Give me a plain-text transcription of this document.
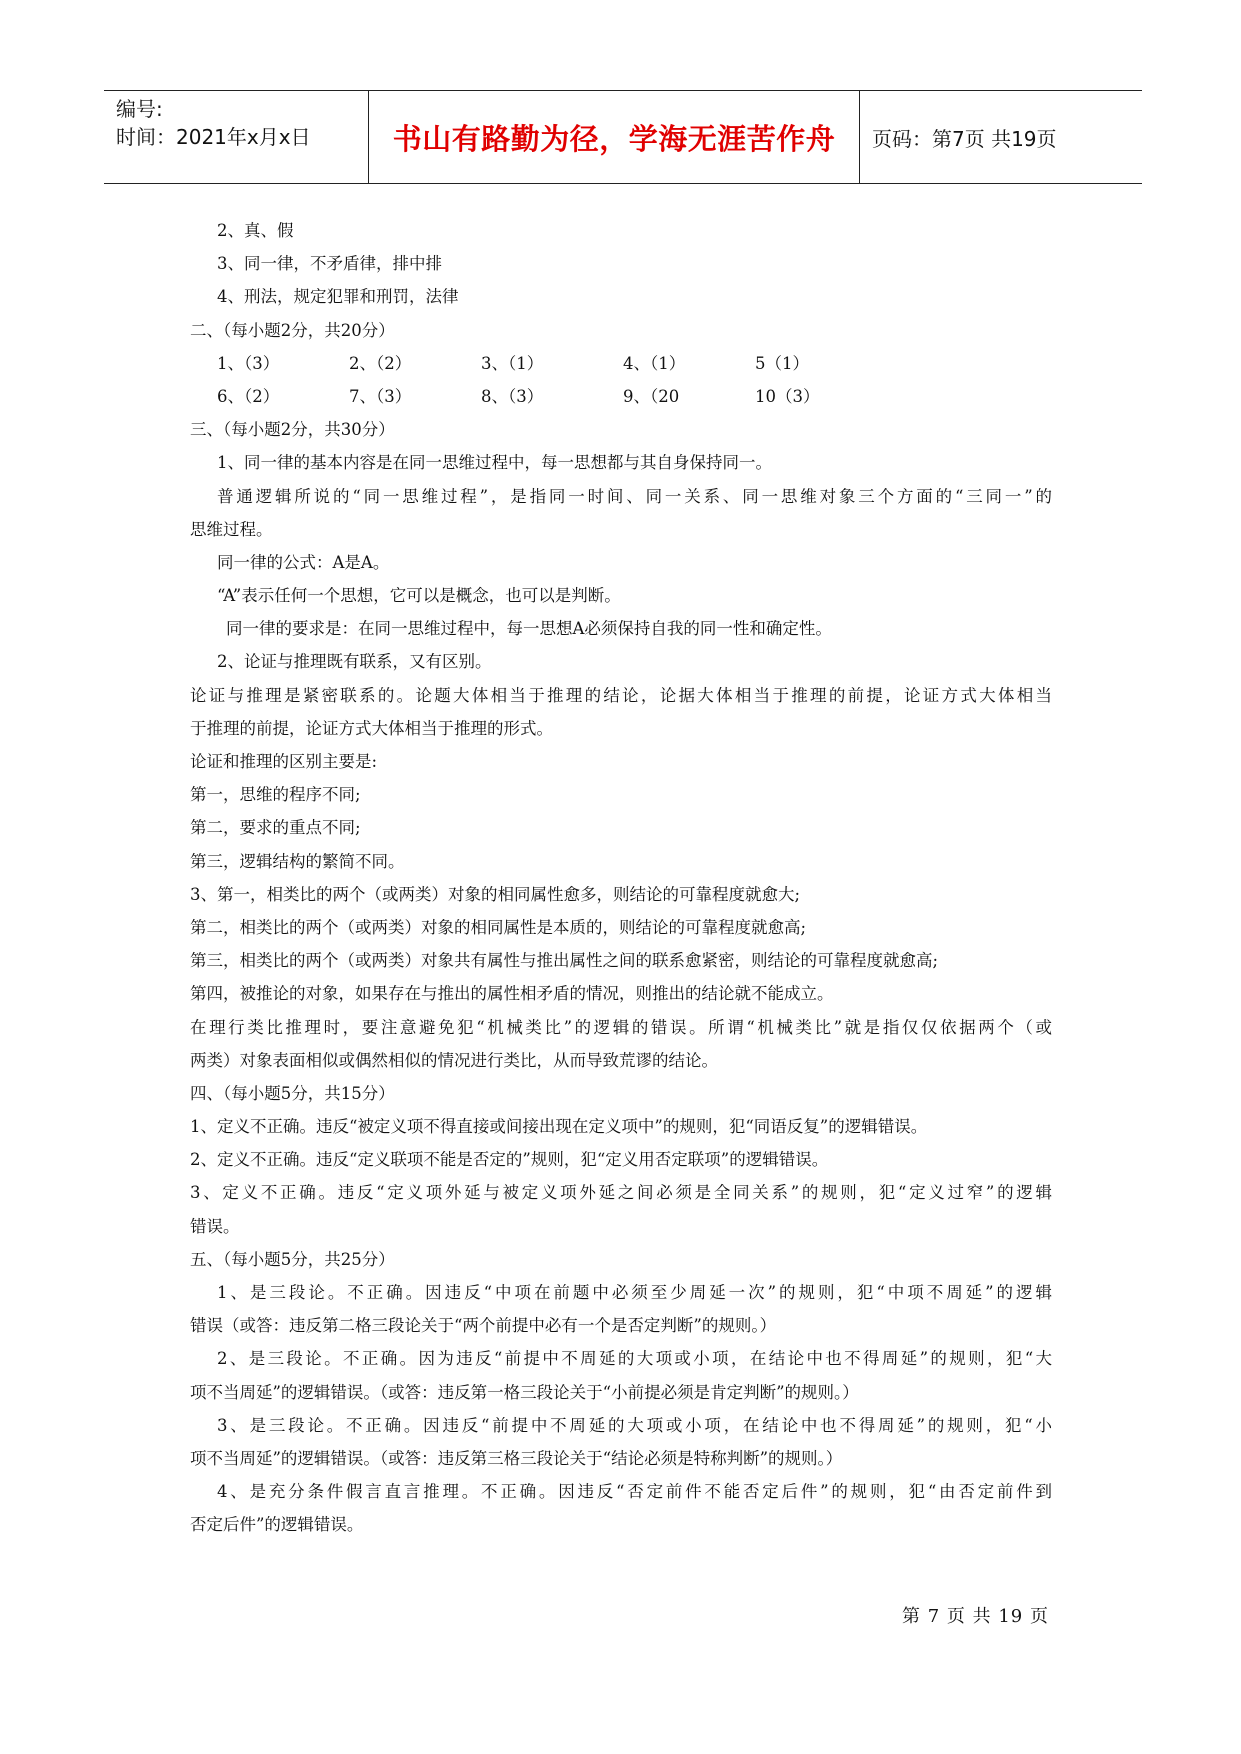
编号:
时间：2021年x月x日	书山有路勤为径，学海无涯苦作舟 页码：第7页 共19页
2、真、假
3、同一律，不矛盾律，排中排
4、刑法，规定犯罪和刑罚，法律
二、（每小题2分，共20分）
1、（3）	2、（2）	3、（1）	4、（1）	5（1）
6、（2）	7、（3）	8、（3）	9、（20	10（3）
三、（每小题2分，共30分）
1、同一律的基本内容是在同一思维过程中，每一思想都与其自身保持同一。
普通逻辑所说的“同一思维过程”，是指同一时间、同一关系、同一思维对象三个方面的“三同一”的
思维过程。
同一律的公式：A是A。
“A”表示任何一个思想，它可以是概念，也可以是判断。
同一律的要求是：在同一思维过程中，每一思想A必须保持自我的同一性和确定性。
2、论证与推理既有联系，又有区别。
论证与推理是紧密联系的。论题大体相当于推理的结论，论据大体相当于推理的前提，论证方式大体相当
于推理的前提，论证方式大体相当于推理的形式。
论证和推理的区别主要是:
第一，思维的程序不同;
第二，要求的重点不同;
第三，逻辑结构的繁简不同。
3、第一，相类比的两个（或两类）对象的相同属性愈多，则结论的可靠程度就愈大;
第二，相类比的两个（或两类）对象的相同属性是本质的，则结论的可靠程度就愈高;
第三，相类比的两个（或两类）对象共有属性与推出属性之间的联系愈紧密，则结论的可靠程度就愈高;
第四，被推论的对象，如果存在与推出的属性相矛盾的情况，则推出的结论就不能成立。
在理行类比推理时，要注意避免犯“机械类比”的逻辑的错误。所谓“机械类比”就是指仅仅依据两个（或
两类）对象表面相似或偶然相似的情况进行类比，从而导致荒谬的结论。
四、（每小题5分，共15分）
1、定义不正确。违反“被定义项不得直接或间接出现在定义项中”的规则，犯“同语反复”的逻辑错误。
2、定义不正确。违反“定义联项不能是否定的”规则，犯“定义用否定联项”的逻辑错误。
3、定义不正确。违反“定义项外延与被定义项外延之间必须是全同关系”的规则，犯“定义过窄”的逻辑
错误。
五、（每小题5分，共25分）
1、是三段论。不正确。因违反“中项在前题中必须至少周延一次”的规则，犯“中项不周延”的逻辑
错误（或答：违反第二格三段论关于“两个前提中必有一个是否定判断”的规则。）
2、是三段论。不正确。因为违反“前提中不周延的大项或小项，在结论中也不得周延”的规则，犯“大
项不当周延”的逻辑错误。（或答：违反第一格三段论关于“小前提必须是肯定判断”的规则。）
3、是三段论。不正确。因违反“前提中不周延的大项或小项，在结论中也不得周延”的规则，犯“小
项不当周延”的逻辑错误。（或答：违反第三格三段论关于“结论必须是特称判断”的规则。）
4、是充分条件假言直言推理。不正确。因违反“否定前件不能否定后件”的规则，犯“由否定前件到
否定后件”的逻辑错误。
第 7 页 共 19 页
